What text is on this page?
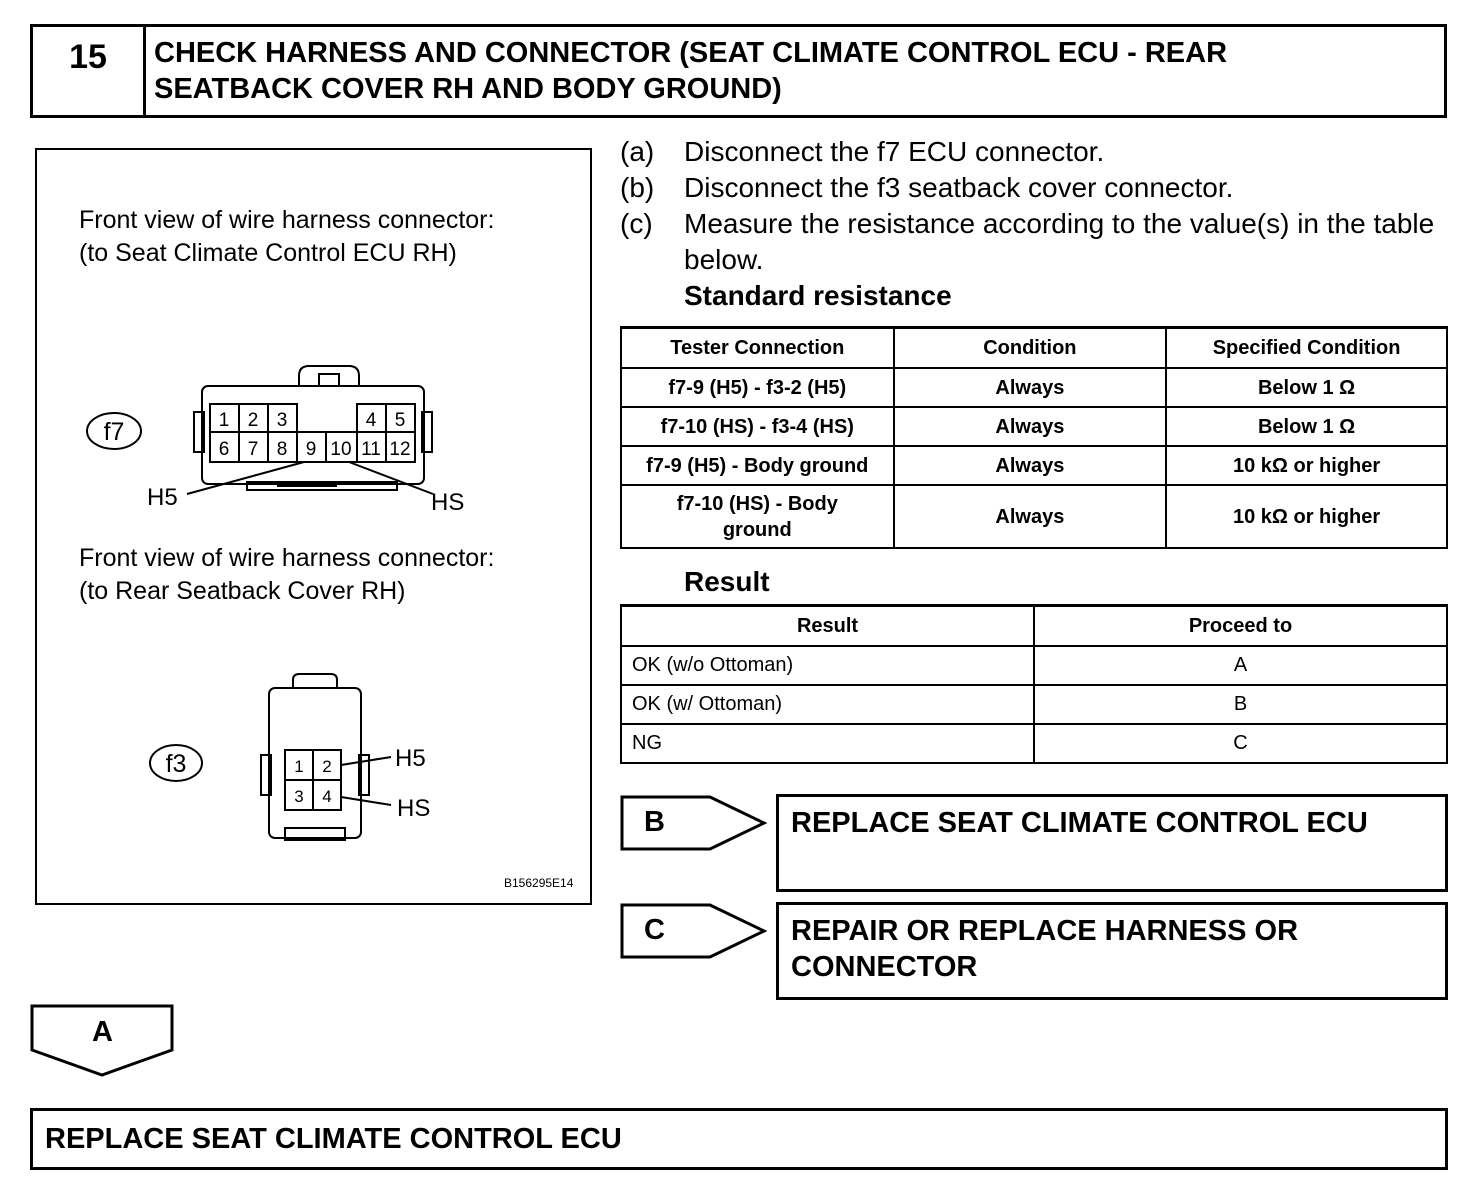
15	CHECK HARNESS AND CONNECTOR (SEAT CLIMATE CONTROL ECU - REAR
SEATBACK COVER RH AND BODY GROUND)
Front view of wire harness connector:
(to Seat Climate Control ECU RH)
f7	1 2 3	4 5
6 7 8 9 10 11 12
H5	HS
f3	1 2
3 4
H5
HS
Front view of wire harness connector:
(to Rear Seatback Cover RH)
B156295E14
(a) Disconnect the f7 ECU connector.
(b) Disconnect the f3 seatback cover connector.
(c) Measure the resistance according to the value(s) in the table below.
Standard resistance
Tester Connection	Condition	Specified Condition
f7-9 (H5) - f3-2 (H5)	Always	Below 1 Ω
f7-10 (HS) - f3-4 (HS)	Always	Below 1 Ω
f7-9 (H5) - Body ground	Always	10 kΩ or higher
f7-10 (HS) - Body ground	Always	10 kΩ or higher
Result
Result	Proceed to
OK (w/o Ottoman)	A
OK (w/ Ottoman)	B
NG	C
B	REPLACE SEAT CLIMATE CONTROL ECU
C	REPAIR OR REPLACE HARNESS OR CONNECTOR
A
REPLACE SEAT CLIMATE CONTROL ECU
